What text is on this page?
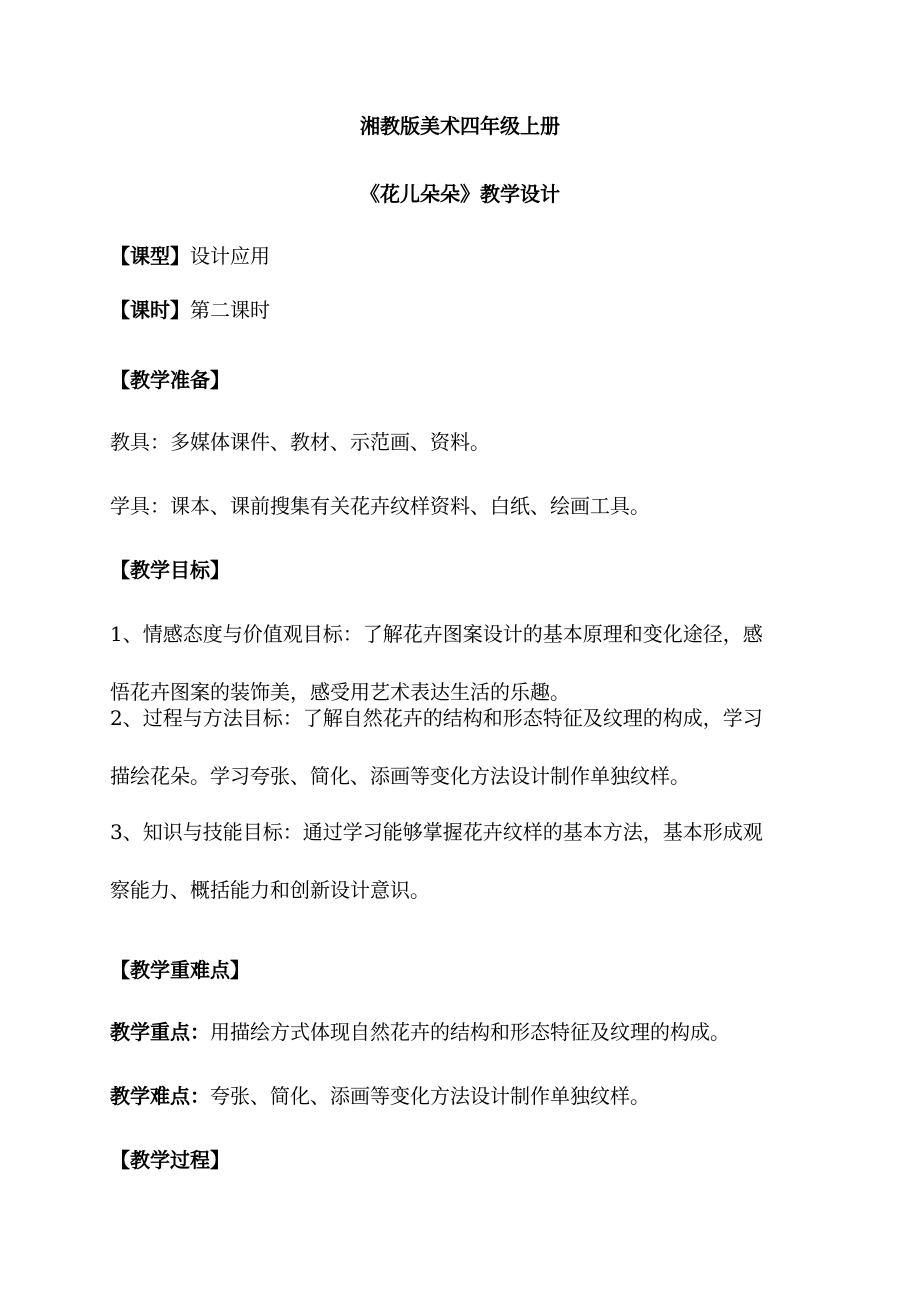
湘教版美术四年级上册
《花儿朵朵》教学设计
【课型】设计应用
【课时】第二课时
【教学准备】
教具：多媒体课件、教材、示范画、资料。
学具：课本、课前搜集有关花卉纹样资料、白纸、绘画工具。
【教学目标】
1、情感态度与价值观目标：了解花卉图案设计的基本原理和变化途径，感
悟花卉图案的装饰美，感受用艺术表达生活的乐趣。
2、过程与方法目标：了解自然花卉的结构和形态特征及纹理的构成，学习
描绘花朵。学习夸张、简化、添画等变化方法设计制作单独纹样。
3、知识与技能目标：通过学习能够掌握花卉纹样的基本方法，基本形成观
察能力、概括能力和创新设计意识。
【教学重难点】
教学重点：用描绘方式体现自然花卉的结构和形态特征及纹理的构成。
教学难点：夸张、简化、添画等变化方法设计制作单独纹样。
【教学过程】
